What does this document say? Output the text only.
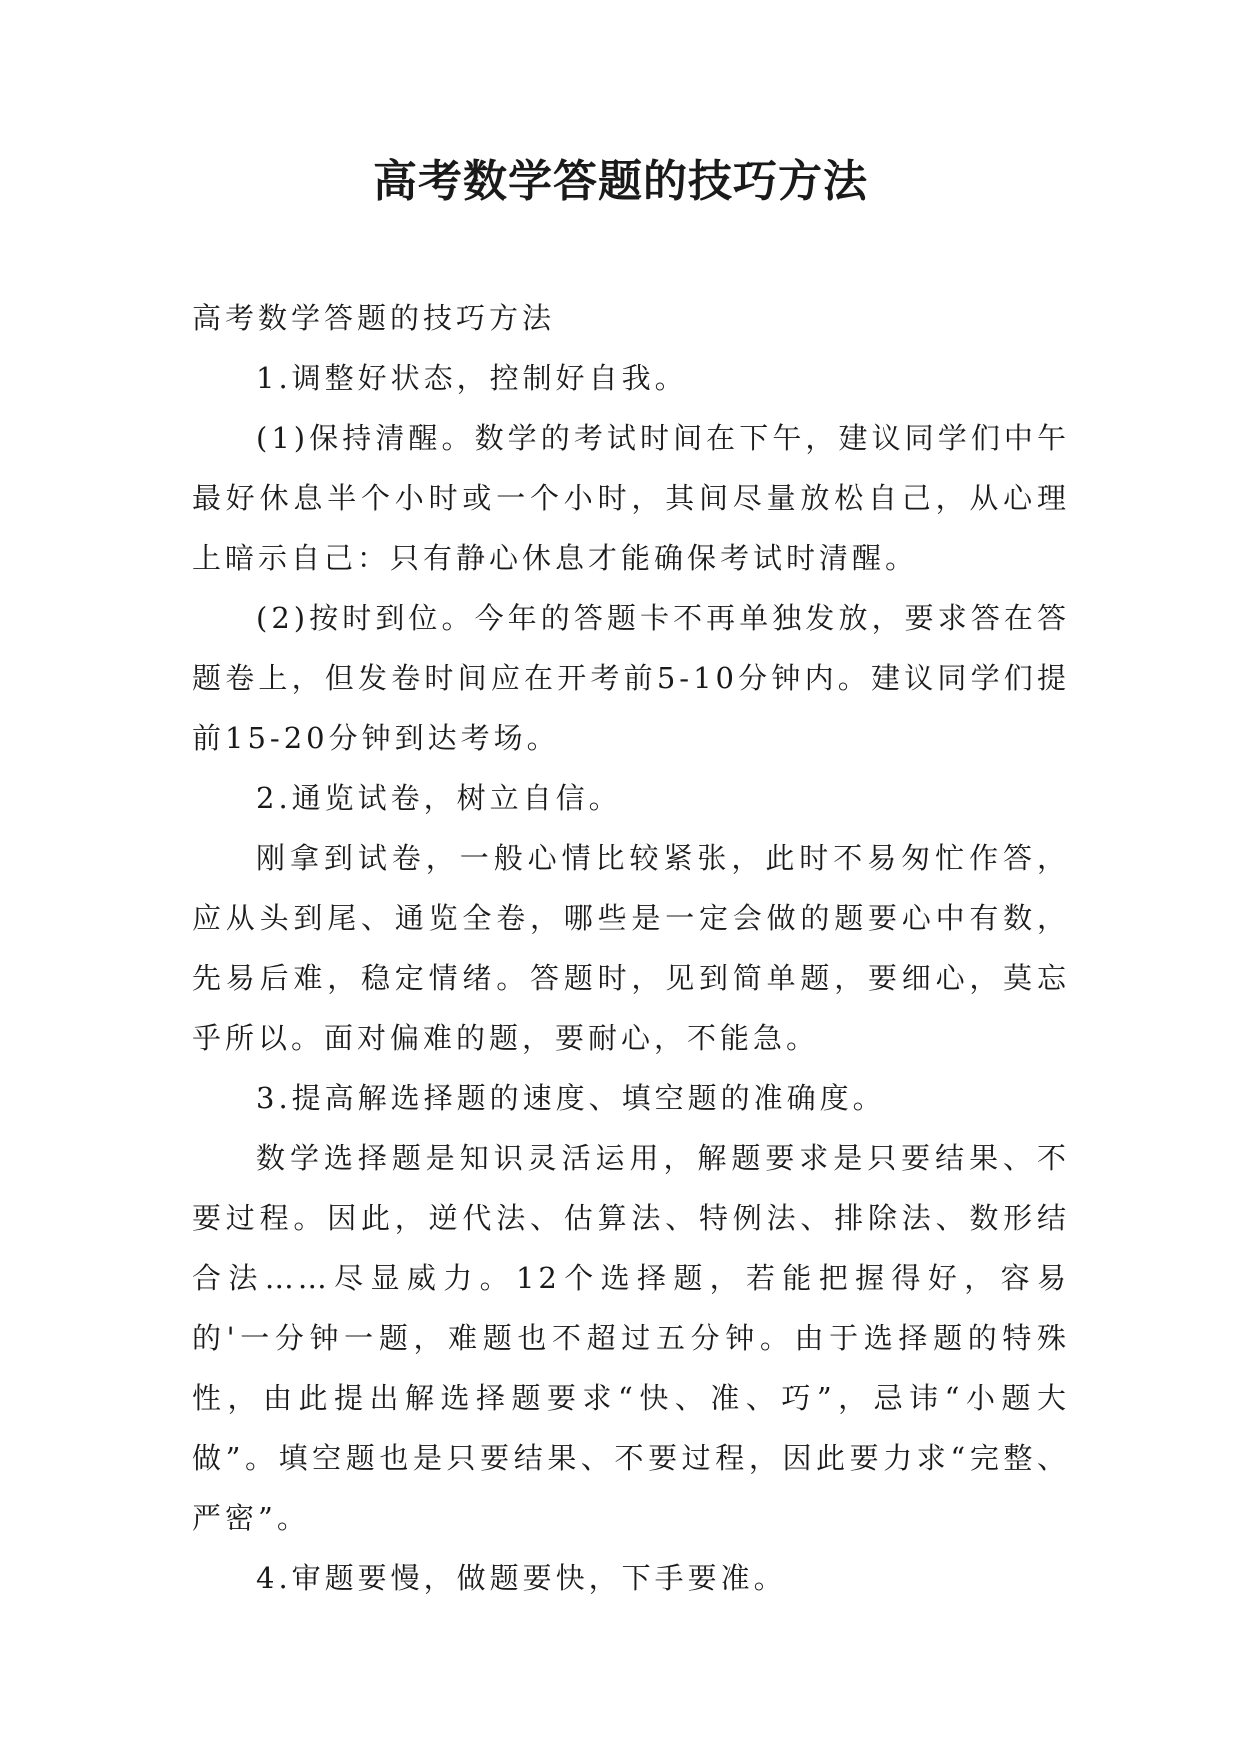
高考数学答题的技巧方法

高考数学答题的技巧方法

1.调整好状态，控制好自我。

(1)保持清醒。数学的考试时间在下午，建议同学们中午最好休息半个小时或一个小时，其间尽量放松自己，从心理上暗示自己：只有静心休息才能确保考试时清醒。

(2)按时到位。今年的答题卡不再单独发放，要求答在答题卷上，但发卷时间应在开考前5-10分钟内。建议同学们提前15-20分钟到达考场。

2.通览试卷，树立自信。

刚拿到试卷，一般心情比较紧张，此时不易匆忙作答，应从头到尾、通览全卷，哪些是一定会做的题要心中有数，先易后难，稳定情绪。答题时，见到简单题，要细心，莫忘乎所以。面对偏难的题，要耐心，不能急。

3.提高解选择题的速度、填空题的准确度。

数学选择题是知识灵活运用，解题要求是只要结果、不要过程。因此，逆代法、估算法、特例法、排除法、数形结合法……尽显威力。12个选择题，若能把握得好，容易的'一分钟一题，难题也不超过五分钟。由于选择题的特殊性，由此提出解选择题要求“快、准、巧”，忌讳“小题大做”。填空题也是只要结果、不要过程，因此要力求“完整、严密”。

4.审题要慢，做题要快，下手要准。
